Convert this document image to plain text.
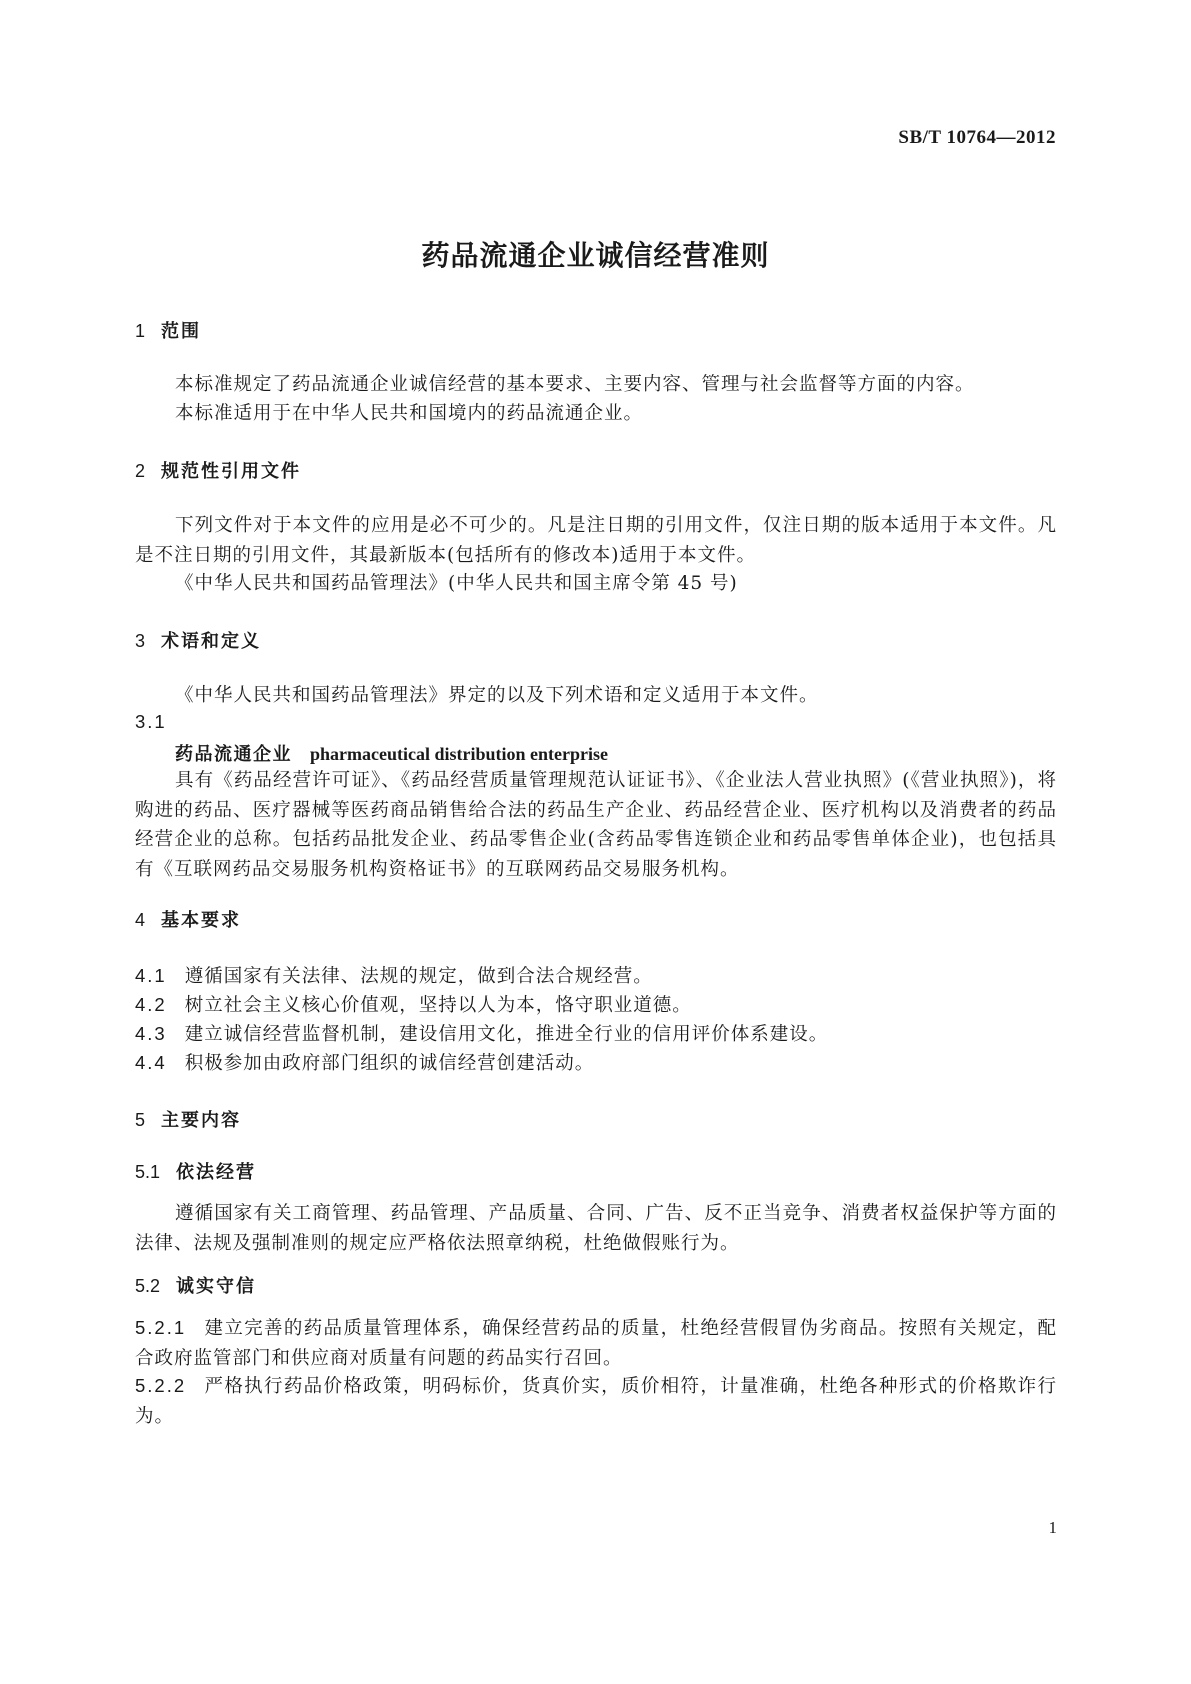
SB/T 10764—2012
药品流通企业诚信经营准则
1 范围
本标准规定了药品流通企业诚信经营的基本要求、主要内容、管理与社会监督等方面的内容。
本标准适用于在中华人民共和国境内的药品流通企业。
2 规范性引用文件
下列文件对于本文件的应用是必不可少的。凡是注日期的引用文件，仅注日期的版本适用于本文件。凡是不注日期的引用文件，其最新版本(包括所有的修改本)适用于本文件。
《中华人民共和国药品管理法》(中华人民共和国主席令第 45 号)
3 术语和定义
《中华人民共和国药品管理法》界定的以及下列术语和定义适用于本文件。
3.1
药品流通企业 pharmaceutical distribution enterprise
具有《药品经营许可证》、《药品经营质量管理规范认证证书》、《企业法人营业执照》(《营业执照》)，将购进的药品、医疗器械等医药商品销售给合法的药品生产企业、药品经营企业、医疗机构以及消费者的药品经营企业的总称。包括药品批发企业、药品零售企业(含药品零售连锁企业和药品零售单体企业)，也包括具有《互联网药品交易服务机构资格证书》的互联网药品交易服务机构。
4 基本要求
4.1 遵循国家有关法律、法规的规定，做到合法合规经营。
4.2 树立社会主义核心价值观，坚持以人为本，恪守职业道德。
4.3 建立诚信经营监督机制，建设信用文化，推进全行业的信用评价体系建设。
4.4 积极参加由政府部门组织的诚信经营创建活动。
5 主要内容
5.1 依法经营
遵循国家有关工商管理、药品管理、产品质量、合同、广告、反不正当竞争、消费者权益保护等方面的法律、法规及强制准则的规定应严格依法照章纳税，杜绝做假账行为。
5.2 诚实守信
5.2.1 建立完善的药品质量管理体系，确保经营药品的质量，杜绝经营假冒伪劣商品。按照有关规定，配合政府监管部门和供应商对质量有问题的药品实行召回。
5.2.2 严格执行药品价格政策，明码标价，货真价实，质价相符，计量准确，杜绝各种形式的价格欺诈行为。
1
